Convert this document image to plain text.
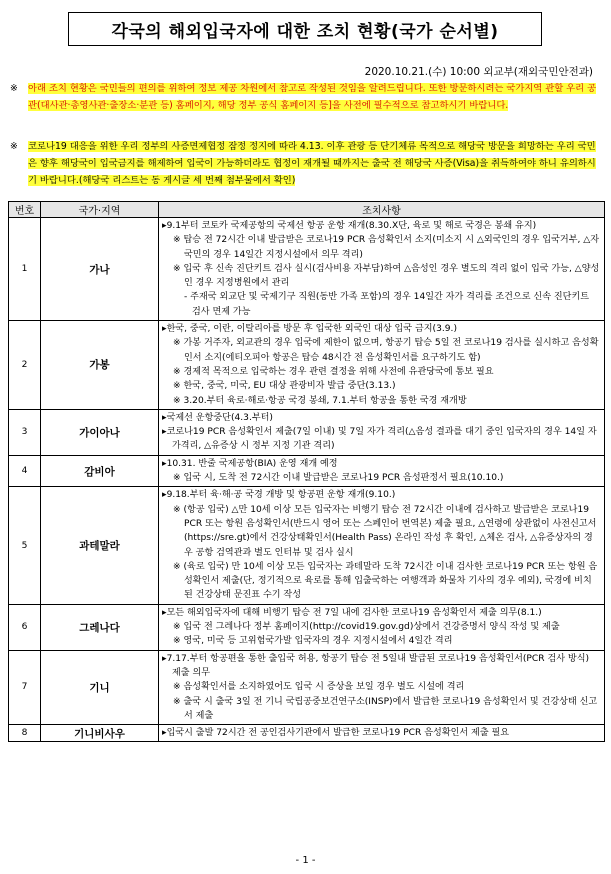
각국의 해외입국자에 대한 조치 현황(국가 순서별)
2020.10.21.(수) 10:00 외교부(재외국민안전과)
※ 아래 조치 현황은 국민들의 편의를 위하여 정보 제공 차원에서 참고로 작성된 것임을 알려드립니다. 또한 방문하시려는 국가지역 관할 우리 공관(대사관·총영사관·출장소·분관 등) 홈페이지, 해당 정부 공식 홈페이지 등]을 사전에 필수적으로 참고하시기 바랍니다.
※ 코로나19 대응을 위한 우리 정부의 사증면제협정 잠정 정지에 따라 4.13. 이후 관광 등 단기체류 목적으로 해당국 방문을 희망하는 우리 국민은 향후 해당국이 입국금지를 해제하여 입국이 가능하더라도 협정이 재개될 때까지는 출국 전 해당국 사증(Visa)을 취득하여야 하니 유의하시기 바랍니다.(해당국 리스트는 동 게시글 세 번째 첨부물에서 확인)
번호	국가·지역	조치사항
1	가나	▸9.1부터 코토카 국제공항의 국제선 항공 운항 재개(8.30.X단, 육로 및 해로 국경은 봉쇄 유지)
※ 탑승 전 72시간 이내 발급받은 코로나19 PCR 음성확인서 소지(미소지 시 △외국인의 경우 입국거부, △자국민의 경우 14일간 지정시설에서 의무 격리)
※ 입국 후 신속 진단키트 검사 실시(검사비용 자부담)하여 △음성인 경우 별도의 격리 없이 입국 가능, △양성인 경우 지정병원에서 관리
- 주재국 외교단 및 국제기구 직원(동반 가족 포함)의 경우 14일간 자가 격리를 조건으로 신속 진단키트 검사 면제 가능

2	가봉	▸한국, 중국, 이란, 이탈리아를 방문 후 입국한 외국인 대상 입국 금지(3.9.)
※ 가봉 거주자, 외교관의 경우 입국에 제한이 없으며, 항공기 탑승 5일 전 코로나19 검사를 실시하고 음성확인서 소지(에티오피아 항공은 탑승 48시간 전 음성확인서를 요구하기도 함)
※ 경제적 목적으로 입국하는 경우 관련 결정을 위해 사전에 유관당국에 통보 필요
※ 한국, 중국, 미국, EU 대상 관광비자 발급 중단(3.13.)
※ 3.20.부터 육로·해로·항공 국경 봉쇄, 7.1.부터 항공을 통한 국경 재개방

3	가이아나	▸국제선 운항중단(4.3.부터)
▸코로나19 PCR 음성확인서 제출(7일 이내) 및 7일 자가 격리(△음성 결과를 대기 중인 입국자의 경우 14일 자가격리, △유증상 시 정부 지정 기관 격리)

4	감비아	▸10.31. 반줄 국제공항(BIA) 운영 재개 예정
※ 입국 시, 도착 전 72시간 이내 발급받은 코로나19 PCR 음성판정서 필요(10.10.)

5	과테말라	▸9.18.부터 육·해·공 국경 개방 및 항공편 운항 재개(9.10.)
※ (항공 입국) △만 10세 이상 모든 입국자는 비행기 탑승 전 72시간 이내에 검사하고 발급받은 코로나19 PCR 또는 항원 음성확인서(반드시 영어 또는 스페인어 번역본) 제출 필요, △연령에 상관없이 사전신고서(https://sre.gt)에서 건강상태확인서(Health Pass) 온라인 작성 후 확인, △체온 검사, △유증상자의 경우 공항 검역관과 별도 인터뷰 및 검사 실시
※ (육로 입국) 만 10세 이상 모든 입국자는 과테말라 도착 72시간 이내 검사한 코로나19 PCR 또는 항원 음성확인서 제출(단, 정기적으로 육로를 통해 입출국하는 여행객과 화물차 기사의 경우 예외), 국경에 비치된 건강상태 문진표 수기 작성

6	그레나다	▸모든 해외입국자에 대해 비행기 탑승 전 7일 내에 검사한 코로나19 음성확인서 제출 의무(8.1.)
※ 입국 전 그레나다 정부 홈페이지(http://covid19.gov.gd)상에서 건강증명서 양식 작성 및 제출
※ 영국, 미국 등 고위험국가발 입국자의 경우 지정시설에서 4일간 격리

7	기니	▸7.17.부터 항공편을 통한 출입국 허용, 항공기 탑승 전 5일내 발급된 코로나19 음성확인서(PCR 검사 방식) 제출 의무
※ 음성확인서를 소지하였어도 입국 시 증상을 보일 경우 별도 시설에 격리
※ 출국 시 출국 3일 전 기니 국립공중보건연구소(INSP)에서 발급한 코로나19 음성확인서 및 건강상태 신고서 제출

8	기니비사우	▸입국시 출발 72시간 전 공인검사기관에서 발급한 코로나19 PCR 음성확인서 제출 필요
- 1 -
